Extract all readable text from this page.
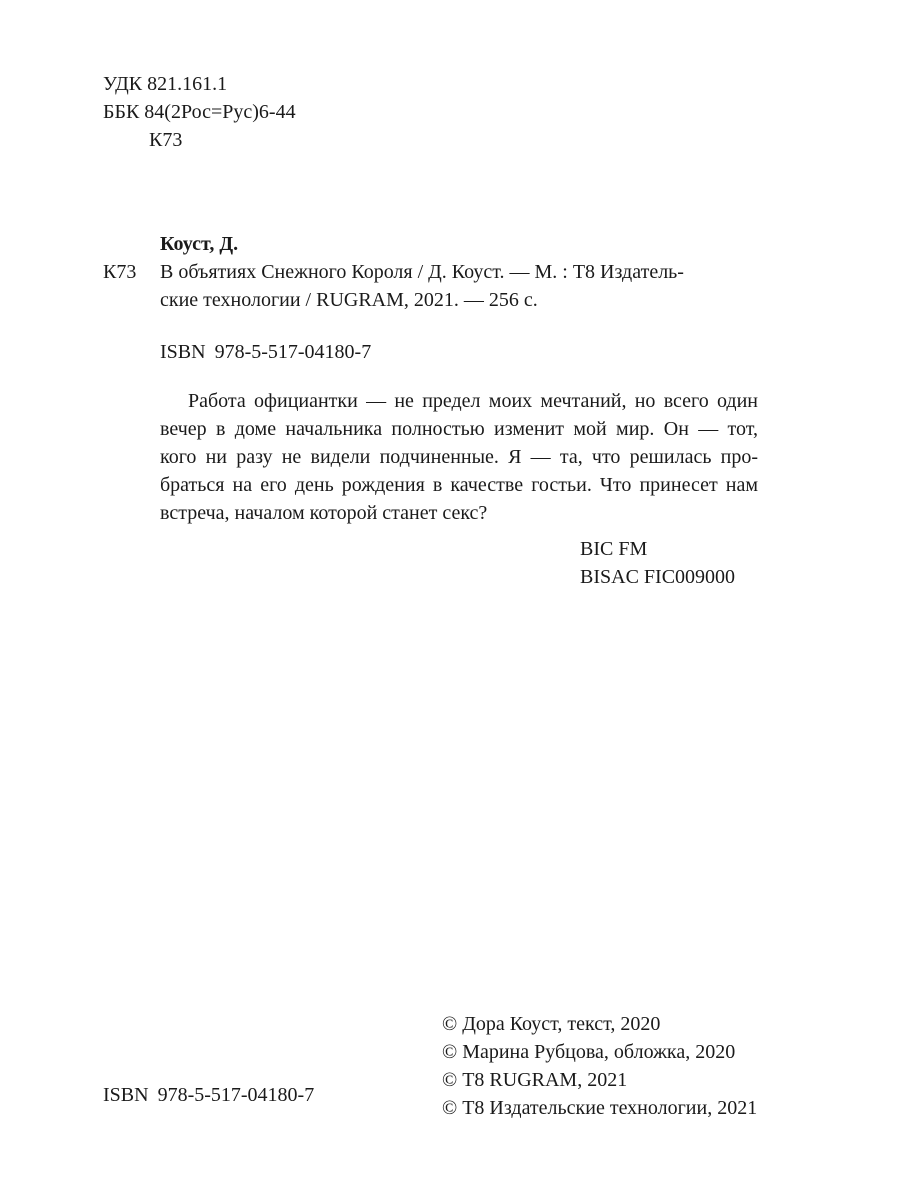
УДК 821.161.1
ББК 84(2Рос=Рус)6-44
К73
Коуст, Д.
К73 В объятиях Снежного Короля / Д. Коуст. — М. : Т8 Издатель-
ские технологии / RUGRAM, 2021. — 256 с.
ISBN 978-5-517-04180-7
Работа официантки — не предел моих мечтаний, но всего один
вечер в доме начальника полностью изменит мой мир. Он — тот,
кого ни разу не видели подчиненные. Я — та, что решилась про-
браться на его день рождения в качестве гостьи. Что принесет нам
встреча, началом которой станет секс?
BIC FM
BISAC FIC009000
© Дора Коуст, текст, 2020
© Марина Рубцова, обложка, 2020
© Т8 RUGRAM, 2021
© Т8 Издательские технологии, 2021
ISBN 978-5-517-04180-7
